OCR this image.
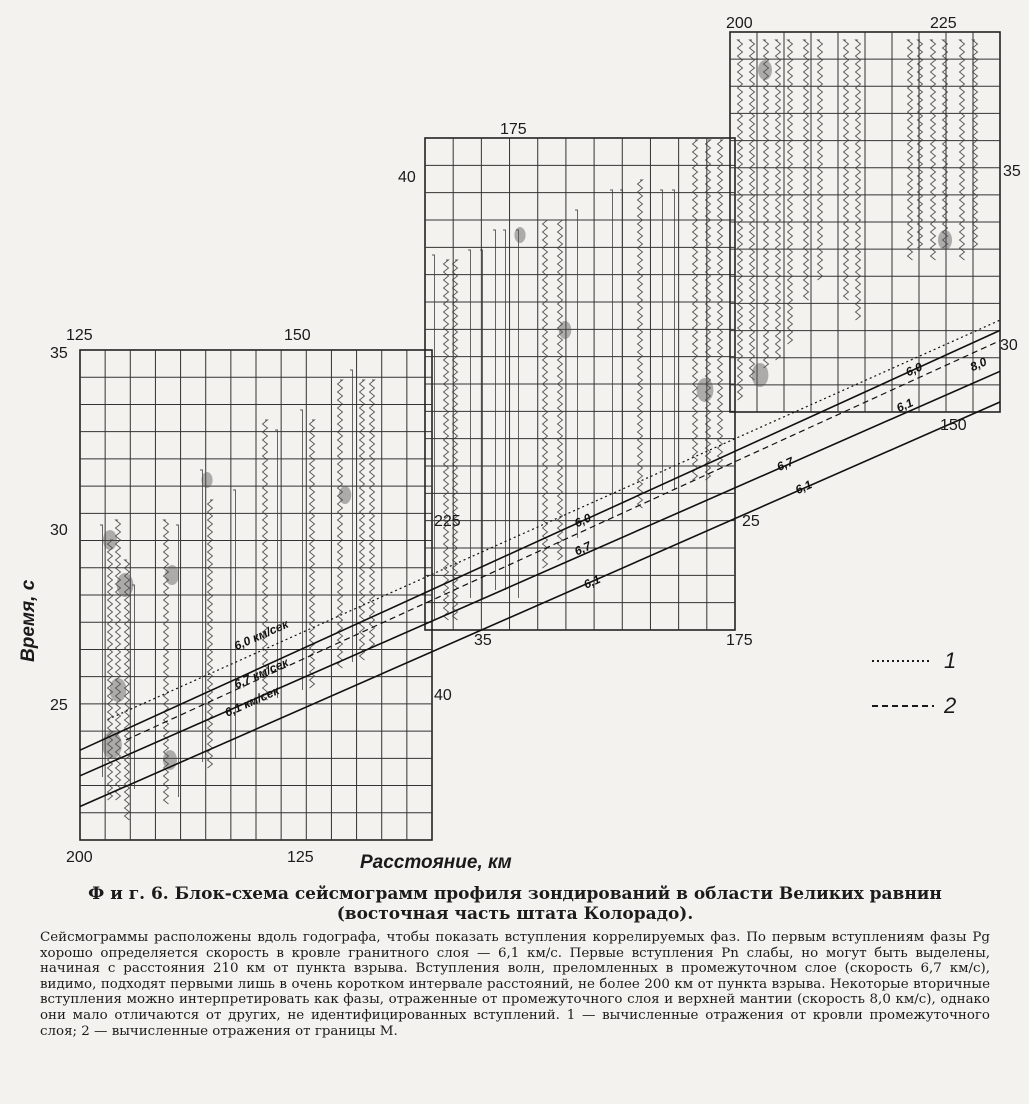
6,0 км/сек
6,7 км/сек
6,1 км/сек
6,0
6,7
6,1
6,0
6,1
6,7
6,1
8,0
125	150
175
200	225
35
30
25
40	35
30
25
40
35	175
200	125
150
225
Расстояние, км
Время, с	1
2
Ф и г. 6. Блок-схема сейсмограмм профиля зондирований в области Великих равнин (восточная часть штата Колорадо).

Сейсмограммы расположены вдоль годографа, чтобы показать вступления коррелируемых фаз. По первым вступлениям фазы Pg хорошо определяется скорость в кровле гранитного слоя — 6,1 км/с. Первые вступления Pn слабы, но могут быть выделены, начиная с расстояния 210 км от пункта взрыва. Вступления волн, преломленных в промежуточном слое (скорость 6,7 км/с), видимо, подходят первыми лишь в очень коротком интервале расстояний, не более 200 км от пункта взрыва. Некоторые вторичные вступления можно интерпретировать как фазы, отраженные от промежуточного слоя и верхней мантии (скорость 8,0 км/с), однако они мало отличаются от других, не идентифицированных вступлений. 1 — вычисленные отражения от кровли промежуточного слоя; 2 — вычисленные отражения от границы M.
